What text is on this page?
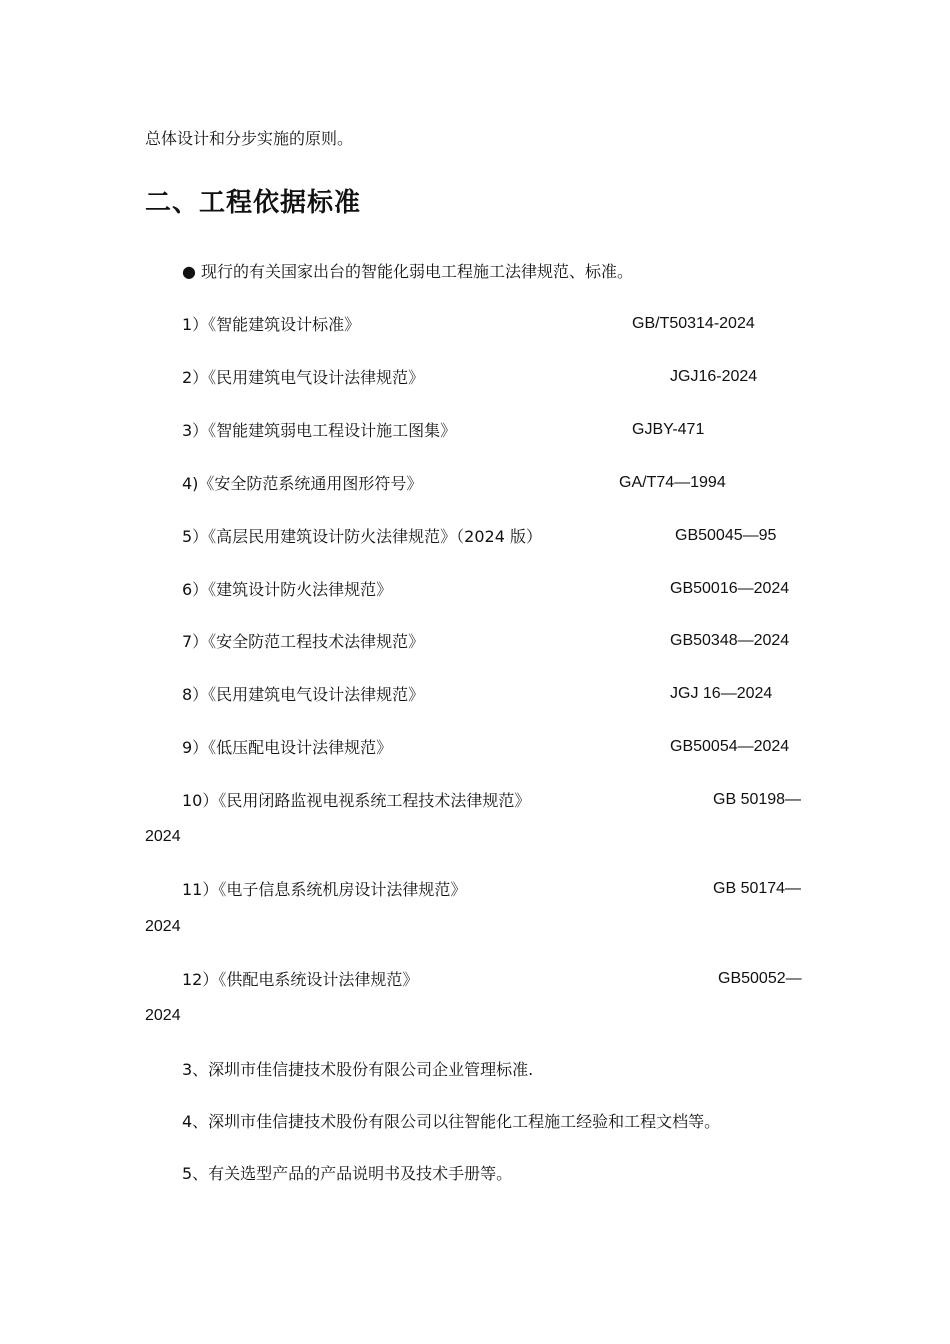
总体设计和分步实施的原则。
二、工程依据标准
● 现行的有关国家出台的智能化弱电工程施工法律规范、标准。
1）《智能建筑设计标准》	GB/T50314-2024
2）《民用建筑电气设计法律规范》	JGJ16-2024
3）《智能建筑弱电工程设计施工图集》	GJBY-471
4)《安全防范系统通用图形符号》	GA/T74—1994
5）《高层民用建筑设计防火法律规范》（2024 版）	GB50045—95
6）《建筑设计防火法律规范》	GB50016—2024
7）《安全防范工程技术法律规范》	GB50348—2024
8）《民用建筑电气设计法律规范》	JGJ 16—2024
9）《低压配电设计法律规范》	GB50054—2024
10）《民用闭路监视电视系统工程技术法律规范》	GB 50198—
2024
11）《电子信息系统机房设计法律规范》	GB 50174—
2024
12）《供配电系统设计法律规范》	GB50052—
2024
3、深圳市佳信捷技术股份有限公司企业管理标准.
4、深圳市佳信捷技术股份有限公司以往智能化工程施工经验和工程文档等。
5、有关选型产品的产品说明书及技术手册等。
